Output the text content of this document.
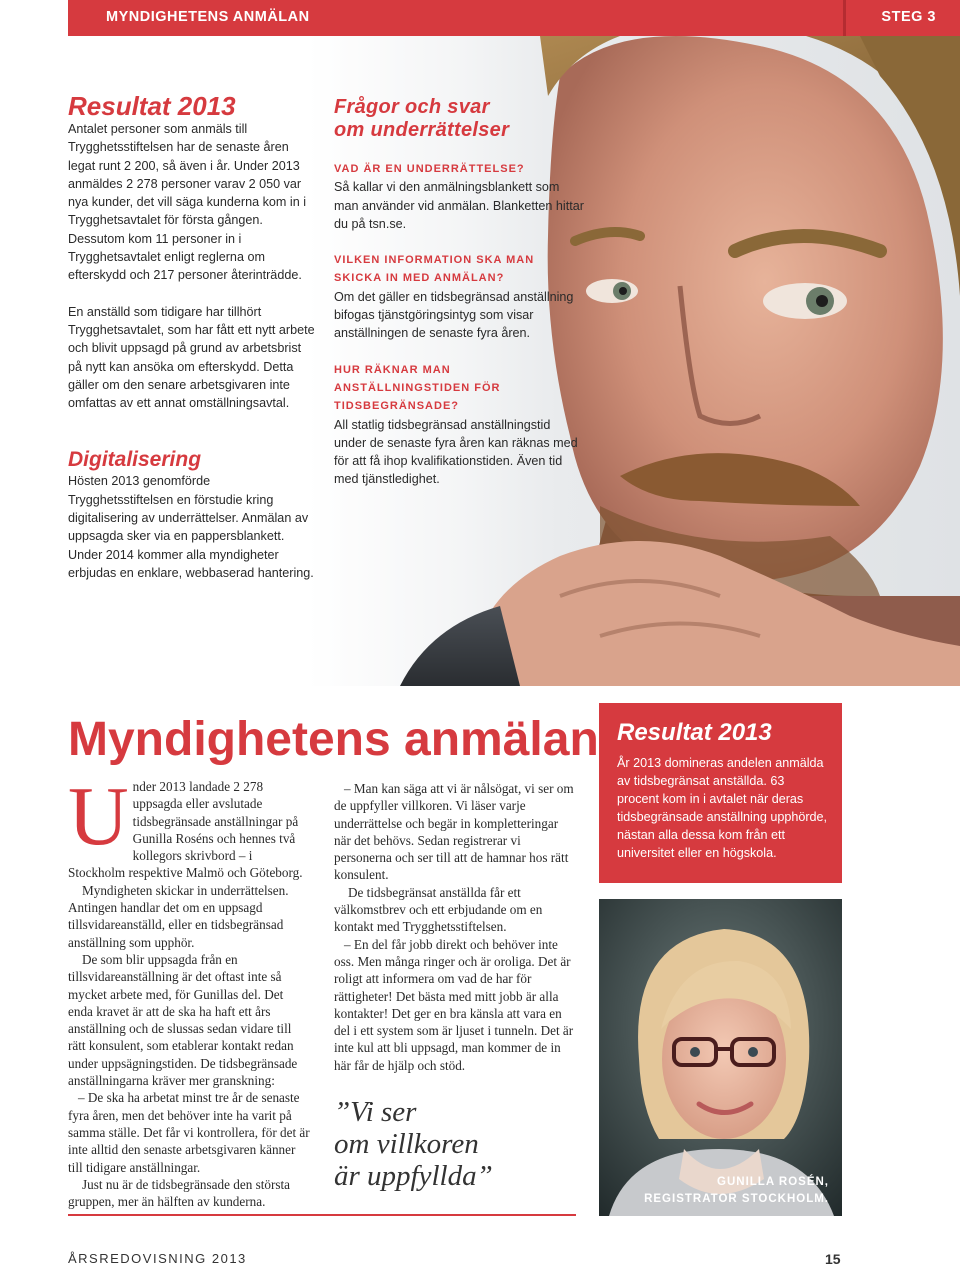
MYNDIGHETENS ANMÄLAN	STEG 3
Resultat 2013

Antalet personer som anmäls till Trygghetsstiftelsen har de senaste åren legat runt 2 200, så även i år. Under 2013 anmäldes 2 278 personer varav 2 050 var nya kunder, det vill säga kunderna kom in i Trygghetsavtalet för första gången. Dessutom kom 11 personer in i Trygghetsavtalet enligt reglerna om efterskydd och 217 personer återinträdde.

En anställd som tidigare har tillhört Trygghetsavtalet, som har fått ett nytt arbete och blivit uppsagd på grund av arbetsbrist på nytt kan ansöka om efterskydd. Detta gäller om den senare arbetsgivaren inte omfattas av ett annat omställningsavtal.

Digitalisering

Hösten 2013 genomförde Trygghetsstiftelsen en förstudie kring digitalisering av underrättelser. Anmälan av uppsagda sker via en pappersblankett. Under 2014 kommer alla myndigheter erbjudas en enklare, webbaserad hantering.

Frågor och svar

om underrättelser

VAD ÄR EN UNDERRÄTTELSE?

Så kallar vi den anmälningsblankett som man använder vid anmälan. Blanketten hittar du på tsn.se.

VILKEN INFORMATION SKA MAN SKICKA IN MED ANMÄLAN?

Om det gäller en tidsbegränsad anställning bifogas tjänstgöringsintyg som visar anställningen de senaste fyra åren.

HUR RÄKNAR MAN ANSTÄLLNINGSTIDEN FÖR TIDSBEGRÄNSADE?

All statlig tidsbegränsad anställningstid under de senaste fyra åren kan räknas med för att få ihop kvalifikationstiden. Även tid med tjänstledighet.

Myndighetens anmälan

Under 2013 landade 2 278 uppsagda eller avslutade tidsbegränsade anställningar på Gunilla Roséns och hennes två kollegors skrivbord – i Stockholm respektive Malmö och Göteborg.

Myndigheten skickar in underrättelsen. Antingen handlar det om en uppsagd tillsvidareanställd, eller en tidsbegränsad anställning som upphör.

De som blir uppsagda från en tillsvidareanställning är det oftast inte så mycket arbete med, för Gunillas del. Det enda kravet är att de ska ha haft ett års anställning och de slussas sedan vidare till rätt konsulent, som etablerar kontakt redan under uppsägningstiden. De tidsbegränsade anställningarna kräver mer granskning:

– De ska ha arbetat minst tre år de senaste fyra åren, men det behöver inte ha varit på samma ställe. Det får vi kontrollera, för det är inte alltid den senaste arbetsgivaren känner till tidigare anställningar.

Just nu är de tidsbegränsade den största gruppen, mer än hälften av kunderna.

– Man kan säga att vi är nålsögat, vi ser om de uppfyller villkoren. Vi läser varje underrättelse och begär in kompletteringar när det behövs. Sedan registrerar vi personerna och ser till att de hamnar hos rätt konsulent.

De tidsbegränsat anställda får ett välkomstbrev och ett erbjudande om en kontakt med Trygghetsstiftelsen.

– En del får jobb direkt och behöver inte oss. Men många ringer och är oroliga. Det är roligt att informera om vad de har för rättigheter! Det bästa med mitt jobb är alla kontakter! Det ger en bra känsla att vara en del i ett system som är ljuset i tunneln. Det är inte kul att bli uppsagd, man kommer de in här får de hjälp och stöd.

”Vi ser
om villkoren
är uppfyllda”
Resultat 2013

År 2013 domineras andelen anmälda av tidsbegränsat anställda. 63 procent kom in i avtalet när deras tidsbegränsade anställning upphörde, nästan alla dessa kom från ett universitet eller en högskola.

GUNILLA ROSÉN,
REGISTRATOR STOCKHOLM.

ÅRSREDOVISNING 2013	15
